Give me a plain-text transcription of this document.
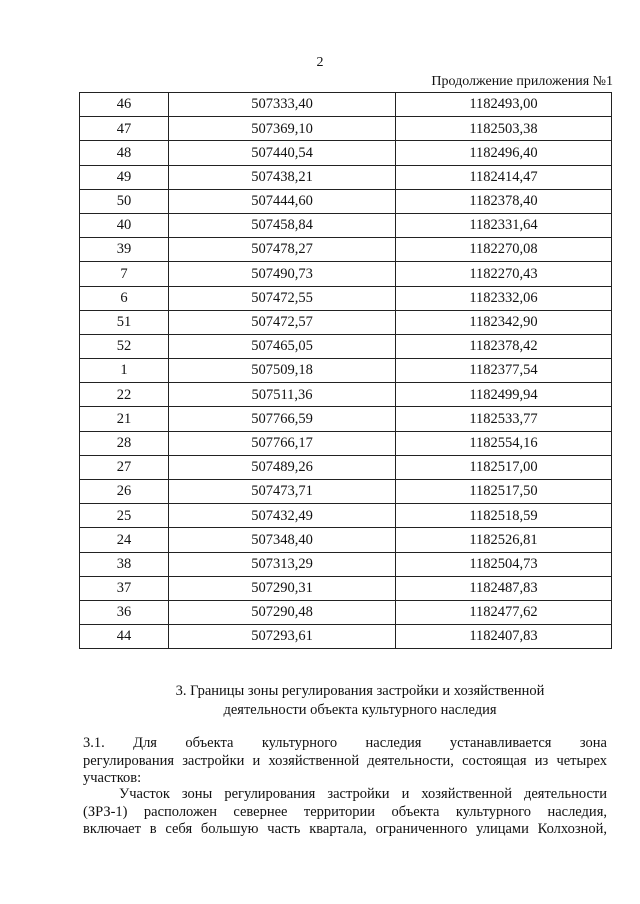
2
Продолжение приложения №1
46	507333,40	1182493,00
47	507369,10	1182503,38
48	507440,54	1182496,40
49	507438,21	1182414,47
50	507444,60	1182378,40
40	507458,84	1182331,64
39	507478,27	1182270,08
7	507490,73	1182270,43
6	507472,55	1182332,06
51	507472,57	1182342,90
52	507465,05	1182378,42
1	507509,18	1182377,54
22	507511,36	1182499,94
21	507766,59	1182533,77
28	507766,17	1182554,16
27	507489,26	1182517,00
26	507473,71	1182517,50
25	507432,49	1182518,59
24	507348,40	1182526,81
38	507313,29	1182504,73
37	507290,31	1182487,83
36	507290,48	1182477,62
44	507293,61	1182407,83
3. Границы зоны регулирования застройки и хозяйственной
деятельности объекта культурного наследия
3.1. Для объекта культурного наследия устанавливается зона
регулирования застройки и хозяйственной деятельности, состоящая из четырех
участков:
Участок зоны регулирования застройки и хозяйственной деятельности
(ЗРЗ-1) расположен севернее территории объекта культурного наследия,
включает в себя большую часть квартала, ограниченного улицами Колхозной,
